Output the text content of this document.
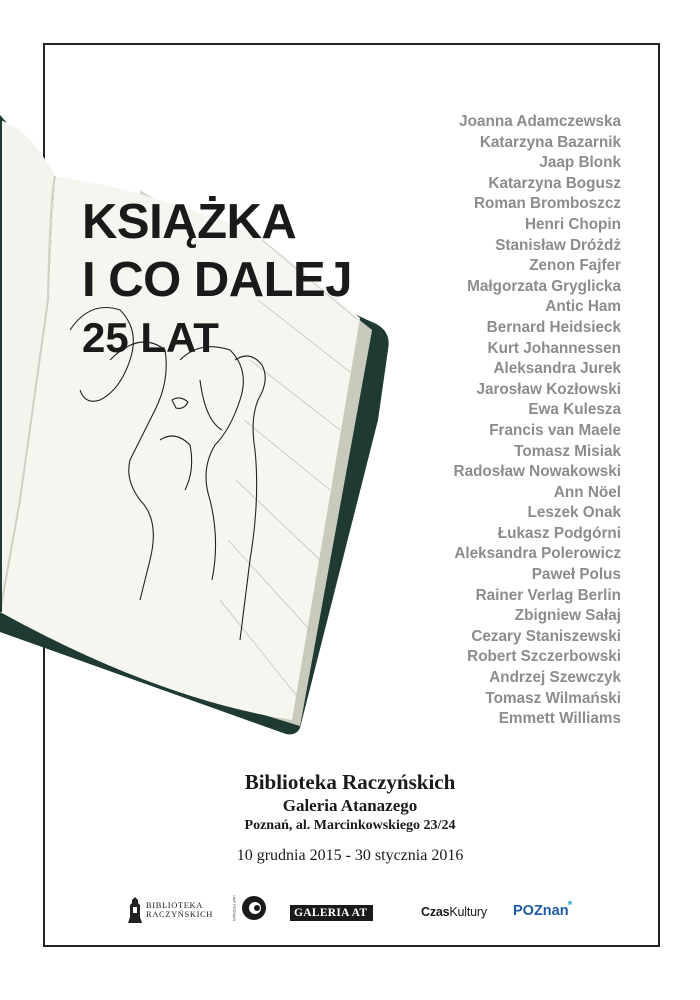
KSIĄŻKA
I CO DALEJ
25 LAT
Joanna Adamczewska
Katarzyna Bazarnik
Jaap Blonk
Katarzyna Bogusz
Roman Bromboszcz
Henri Chopin
Stanisław Dróżdż
Zenon Fajfer
Małgorzata Gryglicka
Antic Ham
Bernard Heidsieck
Kurt Johannessen
Aleksandra Jurek
Jarosław Kozłowski
Ewa Kulesza
Francis van Maele
Tomasz Misiak
Radosław Nowakowski
Ann Nöel
Leszek Onak
Łukasz Podgórni
Aleksandra Polerowicz
Paweł Polus
Rainer Verlag Berlin
Zbigniew Sałaj
Cezary Staniszewski
Robert Szczerbowski
Andrzej Szewczyk
Tomasz Wilmański
Emmett Williams
Biblioteka Raczyńskich
Galeria Atanazego
Poznań, al. Marcinkowskiego 23/24
10 grudnia 2015 - 30 stycznia 2016
BIBLIOTEKA
RACZYŃSKICH	UAP POZNAŃ	GALERIA AT	Czas Kultury POZnan *
